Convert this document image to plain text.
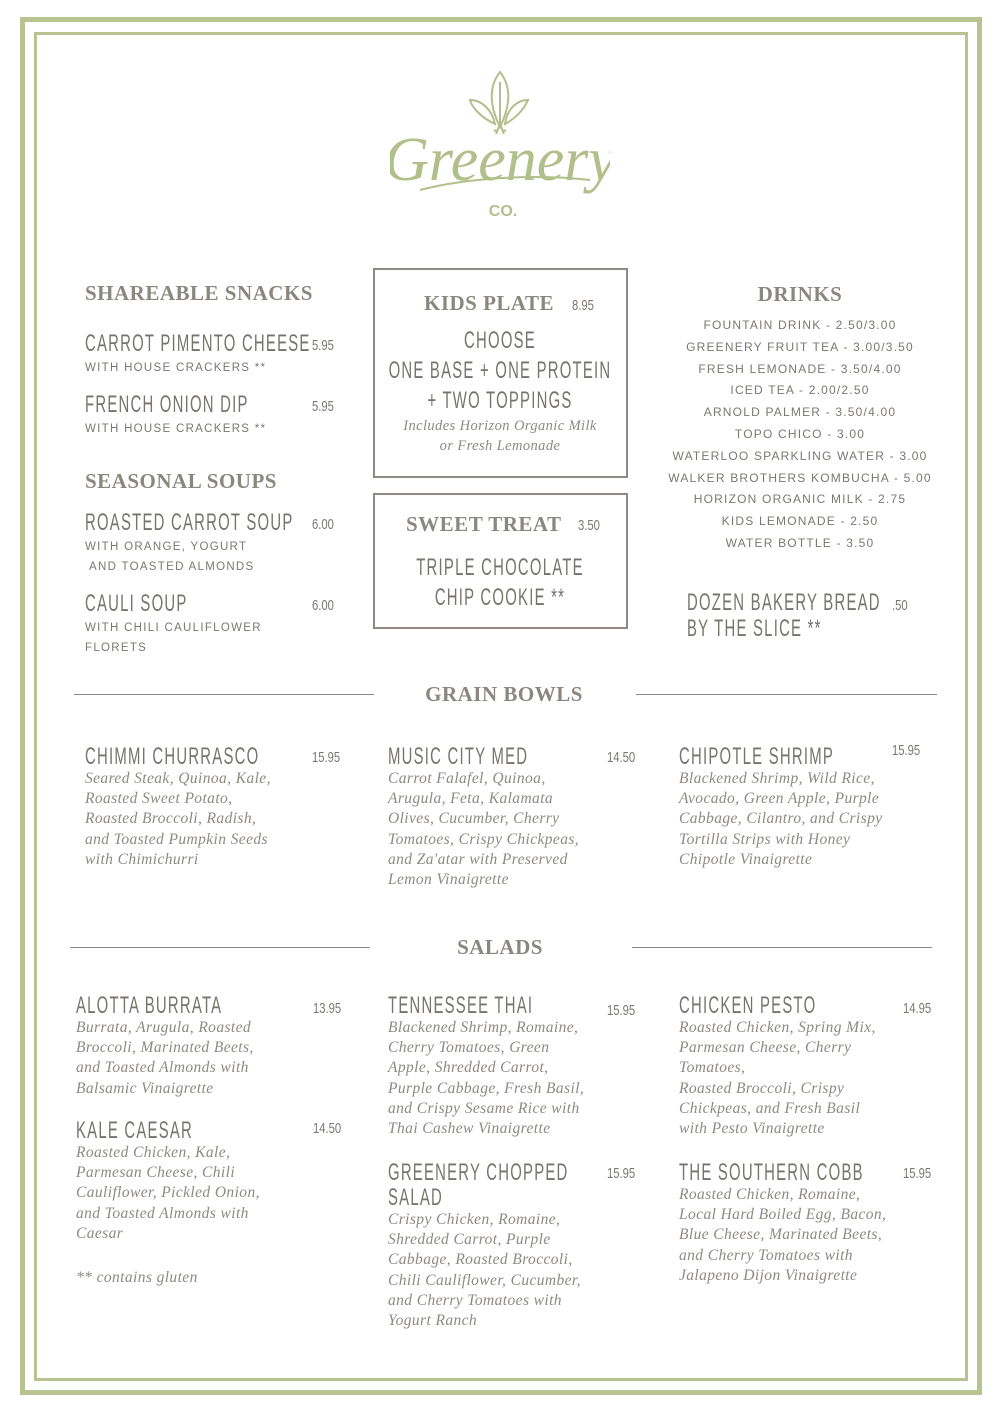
Greenery
CO.
SHAREABLE SNACKS
SEASONAL SOUPS
DRINKS
GRAIN BOWLS
SALADS
CARROT PIMENTO CHEESE 5.95
WITH HOUSE CRACKERS **
FRENCH ONION DIP	5.95
WITH HOUSE CRACKERS **
ROASTED CARROT SOUP 6.00
WITH ORANGE, YOGURT
AND TOASTED ALMONDS
CAULI SOUP	6.00
WITH CHILI CAULIFLOWER
FLORETS
KIDS PLATE 8.95
CHOOSE
ONE BASE + ONE PROTEIN
+ TWO TOPPINGS
Includes Horizon Organic Milk
or Fresh Lemonade
SWEET TREAT 3.50
TRIPLE CHOCOLATE
CHIP COOKIE **
FOUNTAIN DRINK - 2.50/3.00
GREENERY FRUIT TEA - 3.00/3.50
FRESH LEMONADE - 3.50/4.00
ICED TEA - 2.00/2.50
ARNOLD PALMER - 3.50/4.00
TOPO CHICO - 3.00
WATERLOO SPARKLING WATER - 3.00
WALKER BROTHERS KOMBUCHA - 5.00
HORIZON ORGANIC MILK - 2.75
KIDS LEMONADE - 2.50
WATER BOTTLE - 3.50
DOZEN BAKERY BREAD
BY THE SLICE **
.50
CHIMMI CHURRASCO	15.95
Seared Steak, Quinoa, Kale,
Roasted Sweet Potato,
Roasted Broccoli, Radish,
and Toasted Pumpkin Seeds
with Chimichurri
MUSIC CITY MED	14.50
Carrot Falafel, Quinoa,
Arugula, Feta, Kalamata
Olives, Cucumber, Cherry
Tomatoes, Crispy Chickpeas,
and Za'atar with Preserved
Lemon Vinaigrette
CHIPOTLE SHRIMP	15.95
Blackened Shrimp, Wild Rice,
Avocado, Green Apple, Purple
Cabbage, Cilantro, and Crispy
Tortilla Strips with Honey
Chipotle Vinaigrette
ALOTTA BURRATA	13.95
Burrata, Arugula, Roasted
Broccoli, Marinated Beets,
and Toasted Almonds with
Balsamic Vinaigrette
KALE CAESAR	14.50
Roasted Chicken, Kale,
Parmesan Cheese, Chili
Cauliflower, Pickled Onion,
and Toasted Almonds with
Caesar
TENNESSEE THAI	15.95
Blackened Shrimp, Romaine,
Cherry Tomatoes, Green
Apple, Shredded Carrot,
Purple Cabbage, Fresh Basil,
and Crispy Sesame Rice with
Thai Cashew Vinaigrette
GREENERY CHOPPED
SALAD
15.95
Crispy Chicken, Romaine,
Shredded Carrot, Purple
Cabbage, Roasted Broccoli,
Chili Cauliflower, Cucumber,
and Cherry Tomatoes with
Yogurt Ranch
CHICKEN PESTO	14.95
Roasted Chicken, Spring Mix,
Parmesan Cheese, Cherry
Tomatoes,
Roasted Broccoli, Crispy
Chickpeas, and Fresh Basil
with Pesto Vinaigrette
THE SOUTHERN COBB	15.95
Roasted Chicken, Romaine,
Local Hard Boiled Egg, Bacon,
Blue Cheese, Marinated Beets,
and Cherry Tomatoes with
Jalapeno Dijon Vinaigrette
** contains gluten
